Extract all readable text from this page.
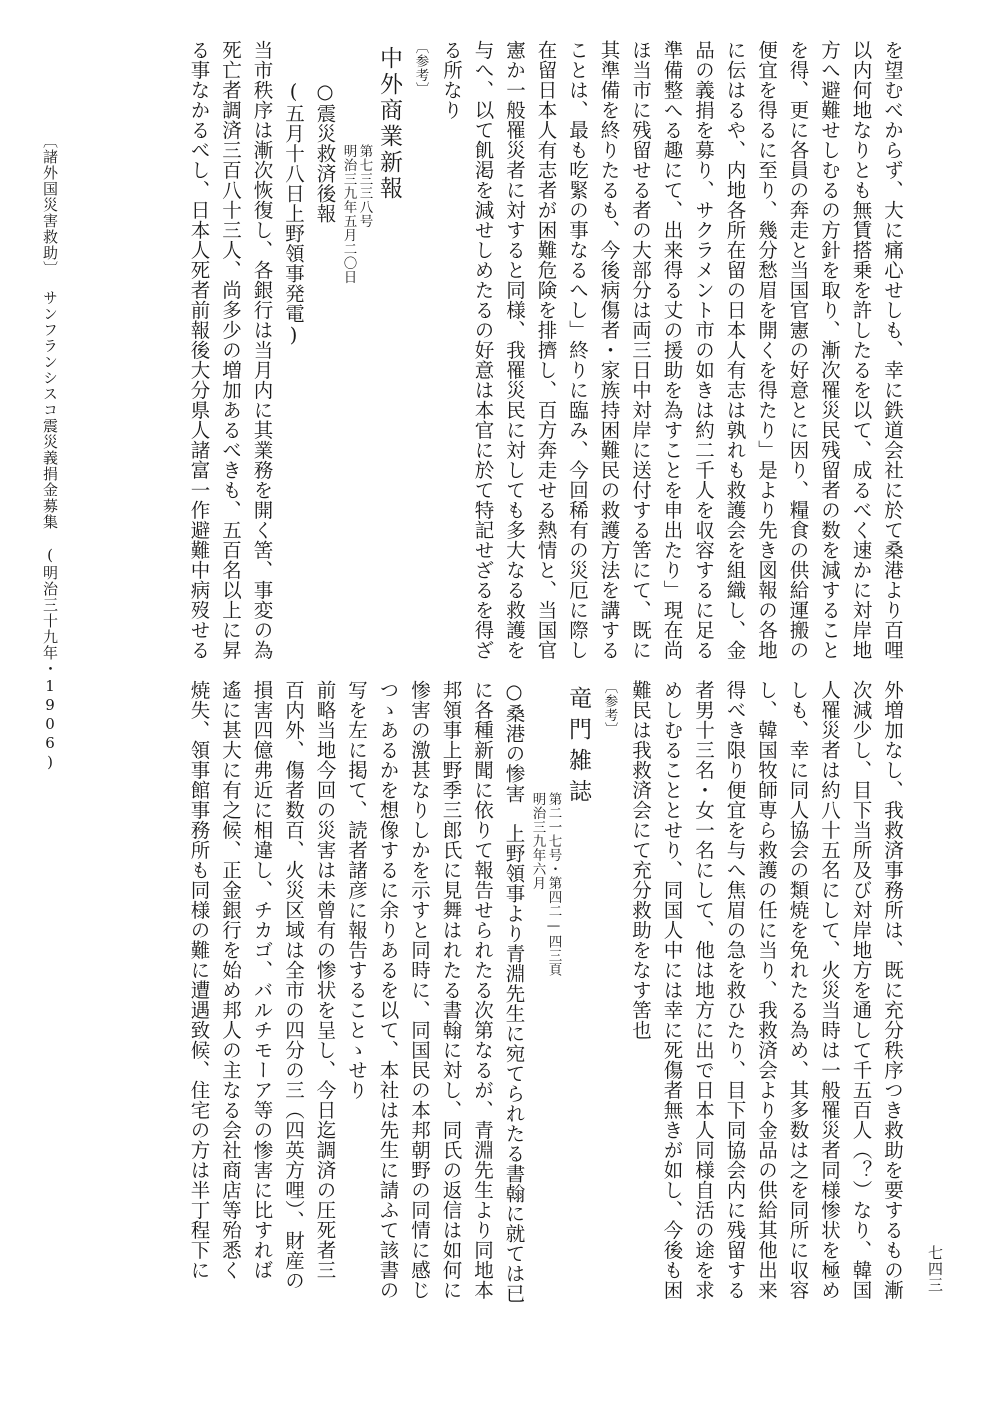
を望むべからず、大に痛心せしも、幸に鉄道会社に於て桑港より百哩
以内何地なりとも無賃搭乗を許したるを以て、成るべく速かに対岸地
方へ避難せしむるの方針を取り、漸次罹災民残留者の数を減すること
を得、更に各員の奔走と当国官憲の好意とに因り、糧食の供給運搬の
便宜を得るに至り、幾分愁眉を開くを得たり」是より先き図報の各地
に伝はるや、内地各所在留の日本人有志は孰れも救護会を組織し、金
品の義捐を募り、サクラメント市の如きは約二千人を収容するに足る
準備整へる趣にて、出来得る丈の援助を為すことを申出たり」現在尚
ほ当市に残留せる者の大部分は両三日中対岸に送付する筈にて、既に
其準備を終りたるも、今後病傷者・家族持困難民の救護方法を講する
ことは、最も吃緊の事なるへし」終りに臨み、今回稀有の災厄に際し
在留日本人有志者が困難危険を排擠し、百方奔走せる熱情と、当国官
憲か一般罹災者に対すると同様、我罹災民に対しても多大なる救護を
与へ、以て飢渇を減せしめたるの好意は本官に於て特記せざるを得ざ
る所なり
〔参考〕
中外商業新報
第七三三八号
明治三九年五月二〇日
○震災救済後報
(五月十八日上野領事発電)
当市秩序は漸次恢復し、各銀行は当月内に其業務を開く筈、事変の為
死亡者調済三百八十三人、尚多少の増加あるべきも、五百名以上に昇
る事なかるべし、日本人死者前報後大分県人諸富一作避難中病歿せる
外増加なし、我救済事務所は、既に充分秩序つき救助を要するもの漸
次減少し、目下当所及び対岸地方を通して千五百人（？）なり、韓国
人罹災者は約八十五名にして、火災当時は一般罹災者同様惨状を極め
しも、幸に同人協会の類焼を免れたる為め、其多数は之を同所に収容
し、韓国牧師専ら救護の任に当り、我救済会より金品の供給其他出来
得べき限り便宜を与へ焦眉の急を救ひたり、目下同協会内に残留する
者男十三名・女一名にして、他は地方に出で日本人同様自活の途を求
めしむることとせり、同国人中には幸に死傷者無きが如し、今後も困
難民は我救済会にて充分救助をなす筈也
〔参考〕
竜門雑誌
第二一七号・第四二—四三頁
明治三九年六月
○桑港の惨害　上野領事より青淵先生に宛てられたる書翰に就ては已
に各種新聞に依りて報告せられたる次第なるが、青淵先生より同地本
邦領事上野季三郎氏に見舞はれたる書翰に対し、同氏の返信は如何に
惨害の激甚なりしかを示すと同時に、同国民の本邦朝野の同情に感じ
つゝあるかを想像するに余りあるを以て、本社は先生に請ふて該書の
写を左に掲て、読者諸彦に報告することゝせり
前略当地今回の災害は未曾有の惨状を呈し、今日迄調済の圧死者三
百内外、傷者数百、火災区域は全市の四分の三（四英方哩）、財産の
損害四億弗近に相違し、チカゴ、バルチモーア等の惨害に比すれば
遙に甚大に有之候、正金銀行を始め邦人の主なる会社商店等殆悉く
焼失、領事館事務所も同様の難に遭遇致候、住宅の方は半丁程下に
〔諸外国災害救助〕
サンフランシスコ震災義捐金募集　(明治三十九年・1906)
七四三
